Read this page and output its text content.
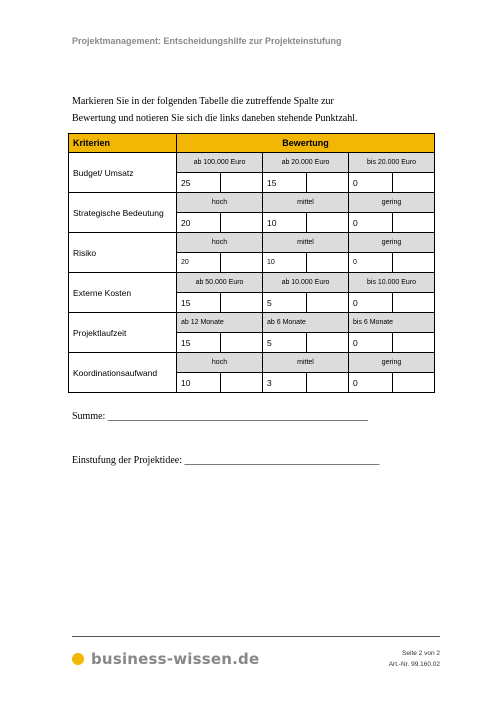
Projektmanagement: Entscheidungshilfe zur Projekteinstufung
Markieren Sie in der folgenden Tabelle die zutreffende Spalte zur
Bewertung und notieren Sie sich die links daneben stehende Punktzahl.
Kriterien	Bewertung					
Budget/ Umsatz	ab 100.000 Euro		ab 20.000 Euro		bis 20.000 Euro	
	25		15		0	
Strategische Bedeutung	hoch		mittel		gering	
	20		10		0	
Risiko	hoch		mittel		gering	
	20		10		0	
Externe Kosten	ab 50.000 Euro		ab 10.000 Euro		bis 10.000 Euro	
	15		5		0	
Projektlaufzeit	ab 12 Monate		ab 6 Monate		bis 6 Monate	
	15		5		0	
Koordinationsaufwand	hoch		mittel		gering	
	10		3		0	
Summe: ____________________________________________________
Einstufung der Projektidee: _______________________________________
business-wissen.de	Seite 2 von 2
Art.-Nr. 99.160.02
